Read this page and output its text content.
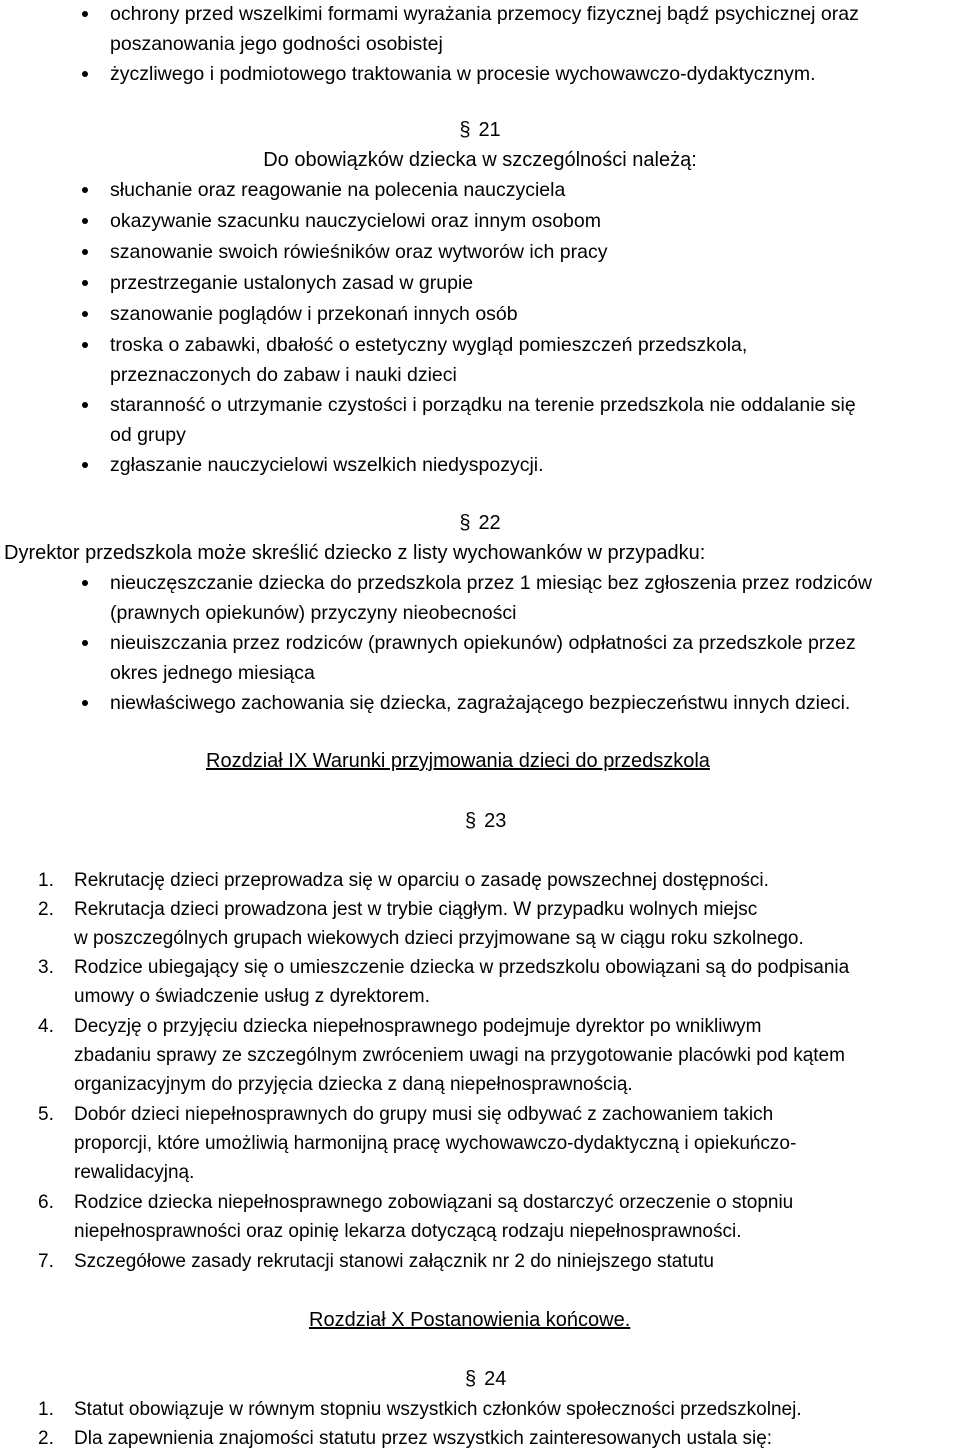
ochrony przed wszelkimi formami wyrażania przemocy fizycznej bądź psychicznej oraz
poszanowania jego godności osobistej
życzliwego i podmiotowego traktowania w procesie wychowawczo-dydaktycznym.
§ 21
Do obowiązków dziecka w szczególności należą:
słuchanie oraz reagowanie na polecenia nauczyciela
okazywanie szacunku nauczycielowi oraz innym osobom
szanowanie swoich rówieśników oraz wytworów ich pracy
przestrzeganie ustalonych zasad w grupie
szanowanie poglądów i przekonań innych osób
troska o zabawki, dbałość o estetyczny wygląd pomieszczeń przedszkola,
przeznaczonych do zabaw i nauki dzieci
staranność o utrzymanie czystości i porządku na terenie przedszkola nie oddalanie się
od grupy
zgłaszanie nauczycielowi wszelkich niedyspozycji.
§ 22
Dyrektor przedszkola może skreślić dziecko z listy wychowanków w przypadku:
nieuczęszczanie dziecka do przedszkola przez 1 miesiąc bez zgłoszenia przez rodziców
(prawnych opiekunów) przyczyny nieobecności
nieuiszczania przez rodziców (prawnych opiekunów) odpłatności za przedszkole przez
okres jednego miesiąca
niewłaściwego zachowania się dziecka, zagrażającego bezpieczeństwu innych dzieci.
Rozdział IX Warunki przyjmowania dzieci do przedszkola
§ 23
1. Rekrutację dzieci przeprowadza się w oparciu o zasadę powszechnej dostępności.
2. Rekrutacja dzieci prowadzona jest w trybie ciągłym. W przypadku wolnych miejsc
w poszczególnych grupach wiekowych dzieci przyjmowane są w ciągu roku szkolnego.
3. Rodzice ubiegający się o umieszczenie dziecka w przedszkolu obowiązani są do podpisania
umowy o świadczenie usług z dyrektorem.
4. Decyzję o przyjęciu dziecka niepełnosprawnego podejmuje dyrektor po wnikliwym
zbadaniu sprawy ze szczególnym zwróceniem uwagi na przygotowanie placówki pod kątem
organizacyjnym do przyjęcia dziecka z daną niepełnosprawnością.
5. Dobór dzieci niepełnosprawnych do grupy musi się odbywać z zachowaniem takich
proporcji, które umożliwią harmonijną pracę wychowawczo-dydaktyczną i opiekuńczo-
rewalidacyjną.
6. Rodzice dziecka niepełnosprawnego zobowiązani są dostarczyć orzeczenie o stopniu
niepełnosprawności oraz opinię lekarza dotyczącą rodzaju niepełnosprawności.
7. Szczegółowe zasady rekrutacji stanowi załącznik nr 2 do niniejszego statutu
Rozdział X Postanowienia końcowe.
§ 24
1. Statut obowiązuje w równym stopniu wszystkich członków społeczności przedszkolnej.
2. Dla zapewnienia znajomości statutu przez wszystkich zainteresowanych ustala się:
